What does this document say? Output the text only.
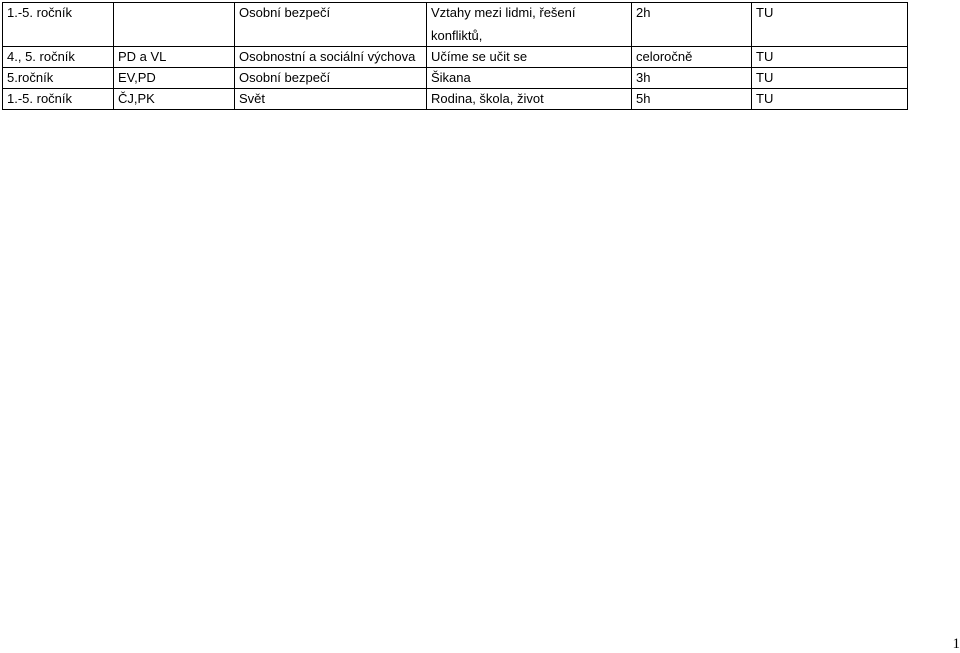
1.-5. ročník		Osobní bezpečí	Vztahy mezi lidmi, řešení
konfliktů,	2h	TU
4., 5. ročník	PD a VL	Osobnostní a sociální výchova	Učíme se učit se	celoročně	TU
5.ročník	EV,PD	Osobní bezpečí	Šikana	3h	TU
1.-5. ročník	ČJ,PK	Svět	Rodina, škola, život	5h	TU
1
